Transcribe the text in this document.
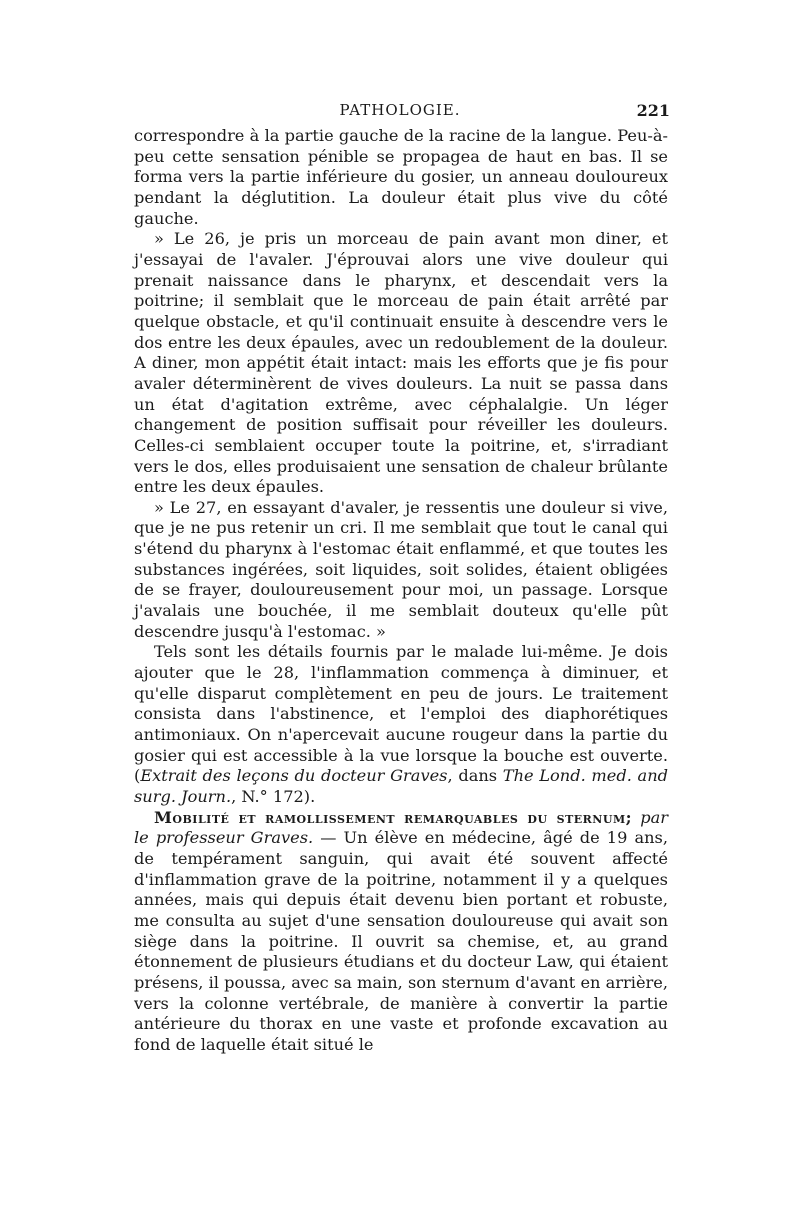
PATHOLOGIE.	221

correspondre à la partie gauche de la racine de la langue. Peu-à-peu cette sensation pénible se propagea de haut en bas. Il se forma vers la partie inférieure du gosier, un anneau douloureux pendant la déglutition. La douleur était plus vive du côté gauche.

» Le 26, je pris un morceau de pain avant mon diner, et j'essayai de l'avaler. J'éprouvai alors une vive douleur qui prenait naissance dans le pharynx, et descendait vers la poitrine; il semblait que le morceau de pain était arrêté par quelque obstacle, et qu'il continuait ensuite à descendre vers le dos entre les deux épaules, avec un redoublement de la douleur. A diner, mon appétit était intact: mais les efforts que je fis pour avaler déterminèrent de vives douleurs. La nuit se passa dans un état d'agitation extrême, avec céphalalgie. Un léger changement de position suffisait pour réveiller les douleurs. Celles-ci semblaient occuper toute la poitrine, et, s'irradiant vers le dos, elles produisaient une sensation de chaleur brûlante entre les deux épaules.

» Le 27, en essayant d'avaler, je ressentis une douleur si vive, que je ne pus retenir un cri. Il me semblait que tout le canal qui s'étend du pharynx à l'estomac était enflammé, et que toutes les substances ingérées, soit liquides, soit solides, étaient obligées de se frayer, douloureusement pour moi, un passage. Lorsque j'avalais une bouchée, il me semblait douteux qu'elle pût descendre jusqu'à l'estomac. »

Tels sont les détails fournis par le malade lui-même. Je dois ajouter que le 28, l'inflammation commença à diminuer, et qu'elle disparut complètement en peu de jours. Le traitement consista dans l'abstinence, et l'emploi des diaphorétiques antimoniaux. On n'apercevait aucune rougeur dans la partie du gosier qui est accessible à la vue lorsque la bouche est ouverte. (Extrait des leçons du docteur Graves, dans The Lond. med. and surg. Journ., N.° 172).

Mobilité et ramollissement remarquables du sternum; par le professeur Graves. — Un élève en médecine, âgé de 19 ans, de tempérament sanguin, qui avait été souvent affecté d'inflammation grave de la poitrine, notamment il y a quelques années, mais qui depuis était devenu bien portant et robuste, me consulta au sujet d'une sensation douloureuse qui avait son siège dans la poitrine. Il ouvrit sa chemise, et, au grand étonnement de plusieurs étudians et du docteur Law, qui étaient présens, il poussa, avec sa main, son sternum d'avant en arrière, vers la colonne vertébrale, de manière à convertir la partie antérieure du thorax en une vaste et profonde excavation au fond de laquelle était situé le
